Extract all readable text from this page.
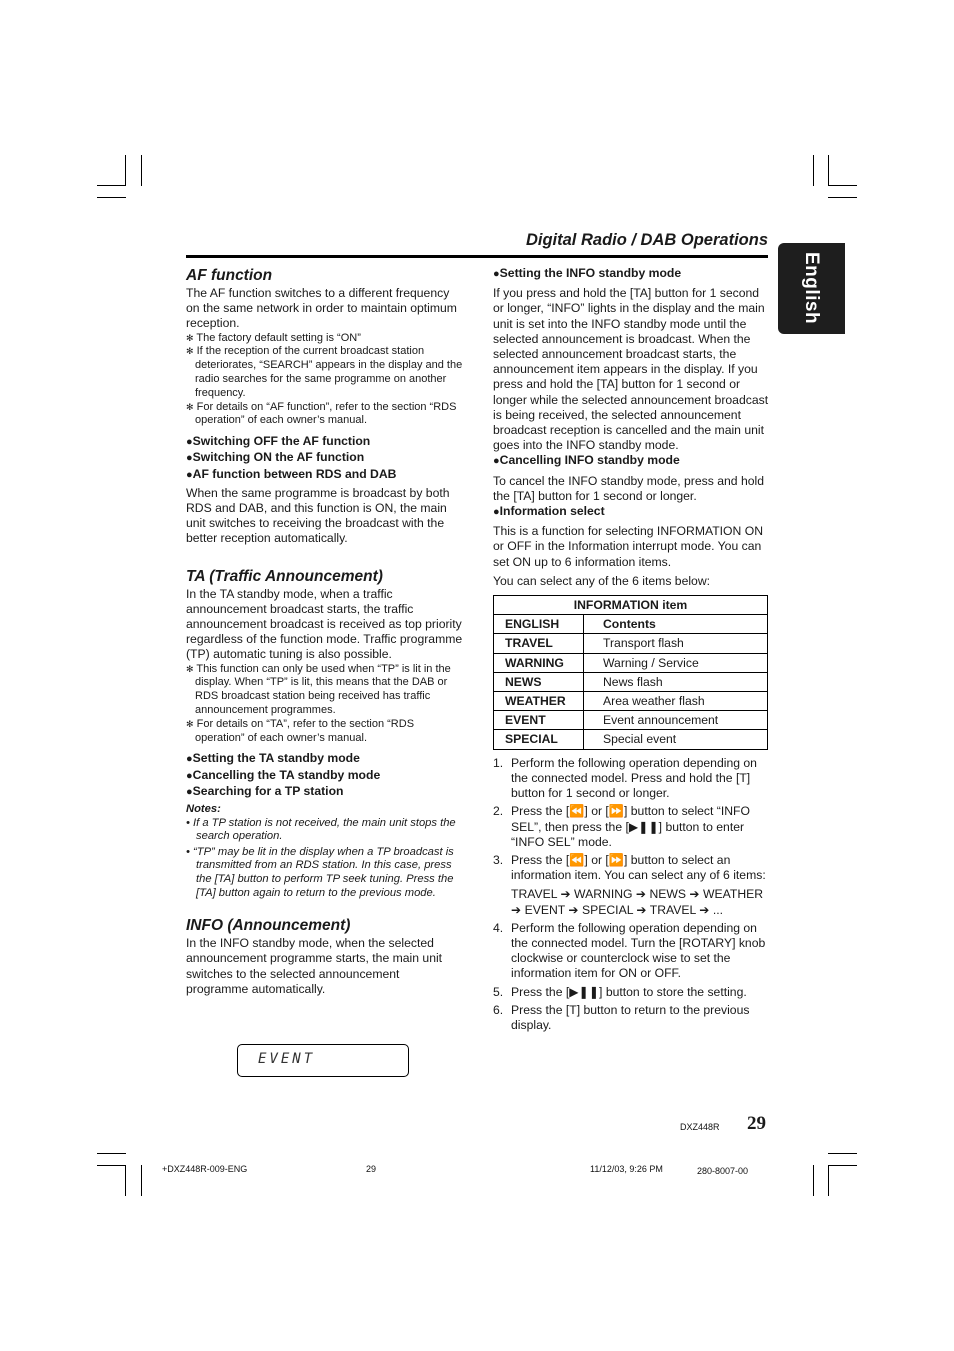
Digital Radio / DAB Operations
English
AF function

The AF function switches to a different frequency on the same network in order to maintain optimum reception.

✻ The factory default setting is “ON”

✻ If the reception of the current broadcast station deteriorates, “SEARCH” appears in the display and the radio searches for the same programme on another frequency.

✻ For details on “AF function”, refer to the section “RDS operation” of each owner’s manual.

●Switching OFF the AF function

●Switching ON the AF function

●AF function between RDS and DAB

When the same programme is broadcast by both RDS and DAB, and this function is ON, the main unit switches to receiving the broadcast with the better reception automatically.

TA (Traffic Announcement)

In the TA standby mode, when a traffic announcement broadcast starts, the traffic announcement broadcast is received as top priority regardless of the function mode. Traffic programme (TP) automatic tuning is also possible.

✻ This function can only be used when “TP” is lit in the display. When “TP” is lit, this means that the DAB or RDS broadcast station being received has traffic announcement programmes.

✻ For details on “TA”, refer to the section “RDS operation” of each owner’s manual.

●Setting the TA standby mode

●Cancelling the TA standby mode

●Searching for a TP station

Notes:

• If a TP station is not received, the main unit stops the search operation.

• “TP” may be lit in the display when a TP broadcast is transmitted from an RDS station. In this case, press the [TA] button to perform TP seek tuning. Press the [TA] button again to return to the previous mode.

INFO (Announcement)

In the INFO standby mode, when the selected announcement programme starts, the main unit switches to the selected announcement programme automatically.

EVENT

●Setting the INFO standby mode

If you press and hold the [TA] button for 1 second or longer, “INFO” lights in the display and the main unit is set into the INFO standby mode until the selected announcement is broadcast. When the selected announcement broadcast starts, the announcement item appears in the display. If you press and hold the [TA] button for 1 second or longer while the selected announcement broadcast is being received, the selected announcement broadcast reception is cancelled and the main unit goes into the INFO standby mode.

●Cancelling INFO standby mode

To cancel the INFO standby mode, press and hold the [TA] button for 1 second or longer.

●Information select

This is a function for selecting INFORMATION ON or OFF in the Information interrupt mode. You can set ON up to 6 information items.

You can select any of the 6 items below:

INFORMATION item	
ENGLISH	Contents
TRAVEL	Transport flash
WARNING	Warning / Service
NEWS	News flash
WEATHER	Area weather flash
EVENT	Event announcement
SPECIAL	Special event
1. Perform the following operation depending on the connected model. Press and hold the [T] button for 1 second or longer.
2. Press the [⏪] or [⏩] button to select “INFO SEL”, then press the [▶❚❚] button to enter “INFO SEL” mode.
3. Press the [⏪] or [⏩] button to select an information item. You can select any of 6 items:
TRAVEL ➔ WARNING ➔ NEWS ➔ WEATHER ➔ EVENT ➔ SPECIAL ➔ TRAVEL ➔ ...
4. Perform the following operation depending on the connected model. Turn the [ROTARY] knob clockwise or counterclock wise to set the information item for ON or OFF.
5. Press the [▶❚❚] button to store the setting.
6. Press the [T] button to return to the previous display.
DXZ448R 29
+DXZ448R-009-ENG	29	11/12/03, 9:26 PM	280-8007-00
